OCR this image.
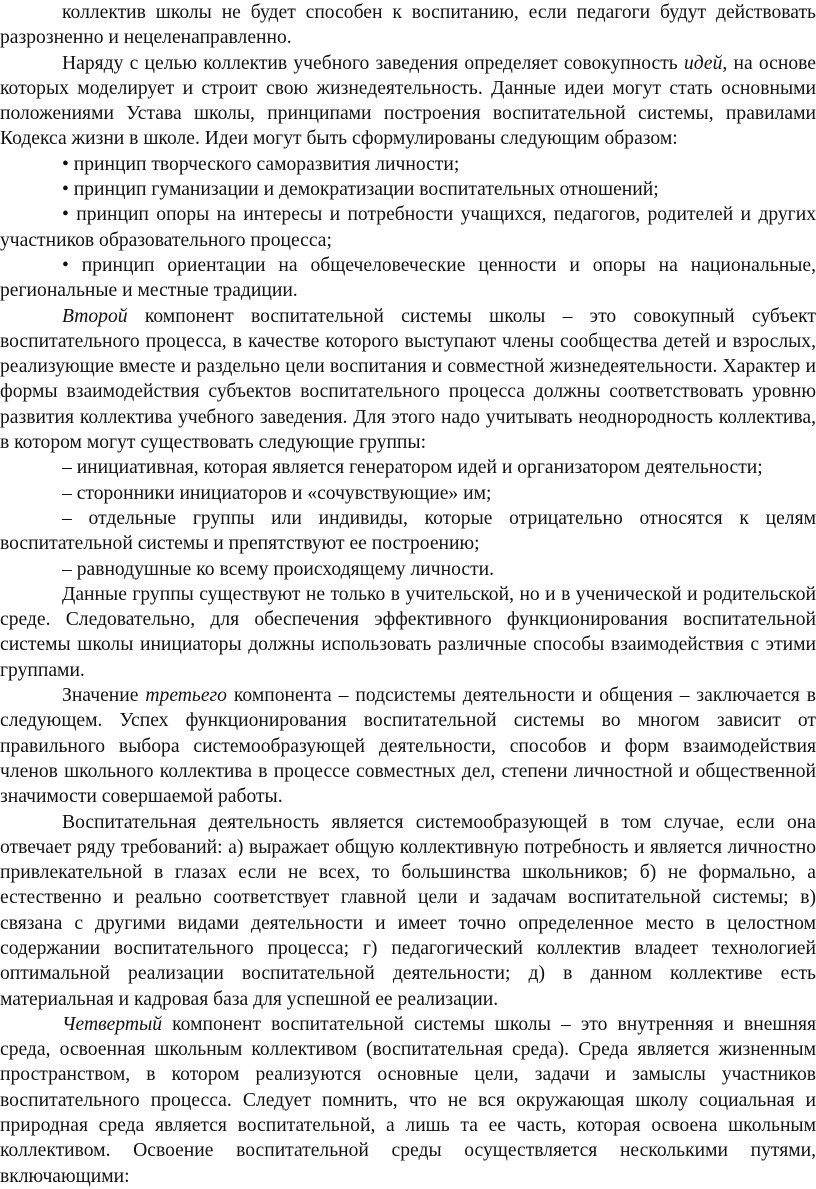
коллектив школы не будет способен к воспитанию, если педагоги будут действовать разрозненно и нецеленаправленно.

Наряду с целью коллектив учебного заведения определяет совокупность идей, на основе которых моделирует и строит свою жизнедеятельность. Данные идеи могут стать основными положениями Устава школы, принципами построения воспитательной системы, правилами Кодекса жизни в школе. Идеи могут быть сформулированы следующим образом:

• принцип творческого саморазвития личности;

• принцип гуманизации и демократизации воспитательных отношений;

• принцип опоры на интересы и потребности учащихся, педагогов, родителей и других участников образовательного процесса;

• принцип ориентации на общечеловеческие ценности и опоры на национальные, региональные и местные традиции.

Второй компонент воспитательной системы школы – это совокупный субъект воспитательного процесса, в качестве которого выступают члены сообщества детей и взрослых, реализующие вместе и раздельно цели воспитания и совместной жизнедеятельности. Характер и формы взаимодействия субъектов воспитательного процесса должны соответствовать уровню развития коллектива учебного заведения. Для этого надо учитывать неоднородность коллектива, в котором могут существовать следующие группы:

– инициативная, которая является генератором идей и организатором деятельности;

– сторонники инициаторов и «сочувствующие» им;

– отдельные группы или индивиды, которые отрицательно относятся к целям воспитательной системы и препятствуют ее построению;

– равнодушные ко всему происходящему личности.

Данные группы существуют не только в учительской, но и в ученической и родительской среде. Следовательно, для обеспечения эффективного функционирования воспитательной системы школы инициаторы должны использовать различные способы взаимодействия с этими группами.

Значение третьего компонента – подсистемы деятельности и общения – заключается в следующем. Успех функционирования воспитательной системы во многом зависит от правильного выбора системообразующей деятельности, способов и форм взаимодействия членов школьного коллектива в процессе совместных дел, степени личностной и общественной значимости совершаемой работы.

Воспитательная деятельность является системообразующей в том случае, если она отвечает ряду требований: а) выражает общую коллективную потребность и является личностно привлекательной в глазах если не всех, то большинства школьников; б) не формально, а естественно и реально соответствует главной цели и задачам воспитательной системы; в) связана с другими видами деятельности и имеет точно определенное место в целостном содержании воспитательного процесса; г) педагогический коллектив владеет технологией оптимальной реализации воспитательной деятельности; д) в данном коллективе есть материальная и кадровая база для успешной ее реализации.

Четвертый компонент воспитательной системы школы – это внутренняя и внешняя среда, освоенная школьным коллективом (воспитательная среда). Среда является жизненным пространством, в котором реализуются основные цели, задачи и замыслы участников воспитательного процесса. Следует помнить, что не вся окружающая школу социальная и природная среда является воспитательной, а лишь та ее часть, которая освоена школьным коллективом. Освоение воспитательной среды осуществляется несколькими путями, включающими:
